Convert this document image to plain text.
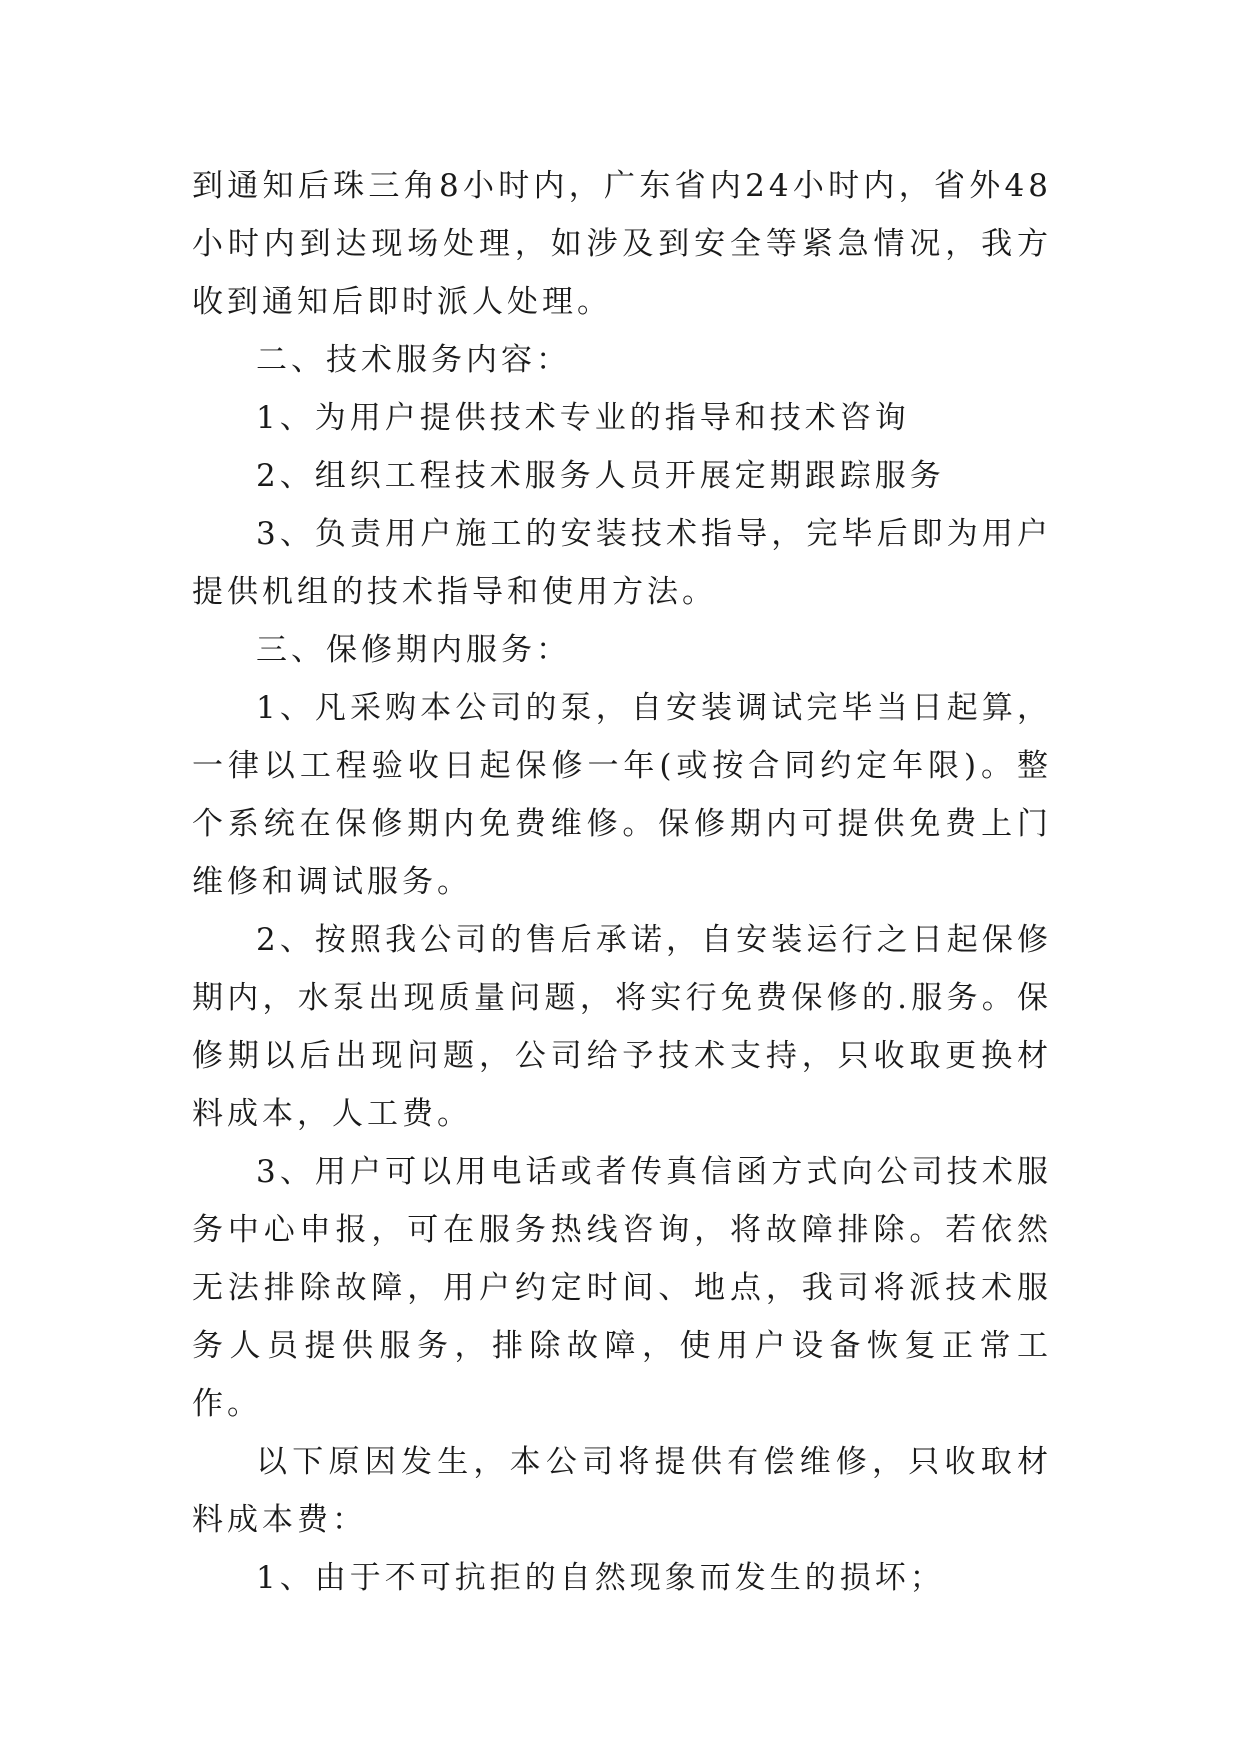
到通知后珠三角8小时内，广东省内24小时内，省外48小时内到达现场处理，如涉及到安全等紧急情况，我方收到通知后即时派人处理。

二、技术服务内容：

1、为用户提供技术专业的指导和技术咨询

2、组织工程技术服务人员开展定期跟踪服务

3、负责用户施工的安装技术指导，完毕后即为用户提供机组的技术指导和使用方法。

三、保修期内服务：

1、凡采购本公司的泵，自安装调试完毕当日起算，一律以工程验收日起保修一年(或按合同约定年限)。整个系统在保修期内免费维修。保修期内可提供免费上门维修和调试服务。

2、按照我公司的售后承诺，自安装运行之日起保修期内，水泵出现质量问题，将实行免费保修的.服务。保修期以后出现问题，公司给予技术支持，只收取更换材料成本，人工费。

3、用户可以用电话或者传真信函方式向公司技术服务中心申报，可在服务热线咨询，将故障排除。若依然无法排除故障，用户约定时间、地点，我司将派技术服务人员提供服务，排除故障，使用户设备恢复正常工作。

以下原因发生，本公司将提供有偿维修，只收取材料成本费：

1、由于不可抗拒的自然现象而发生的损坏；
